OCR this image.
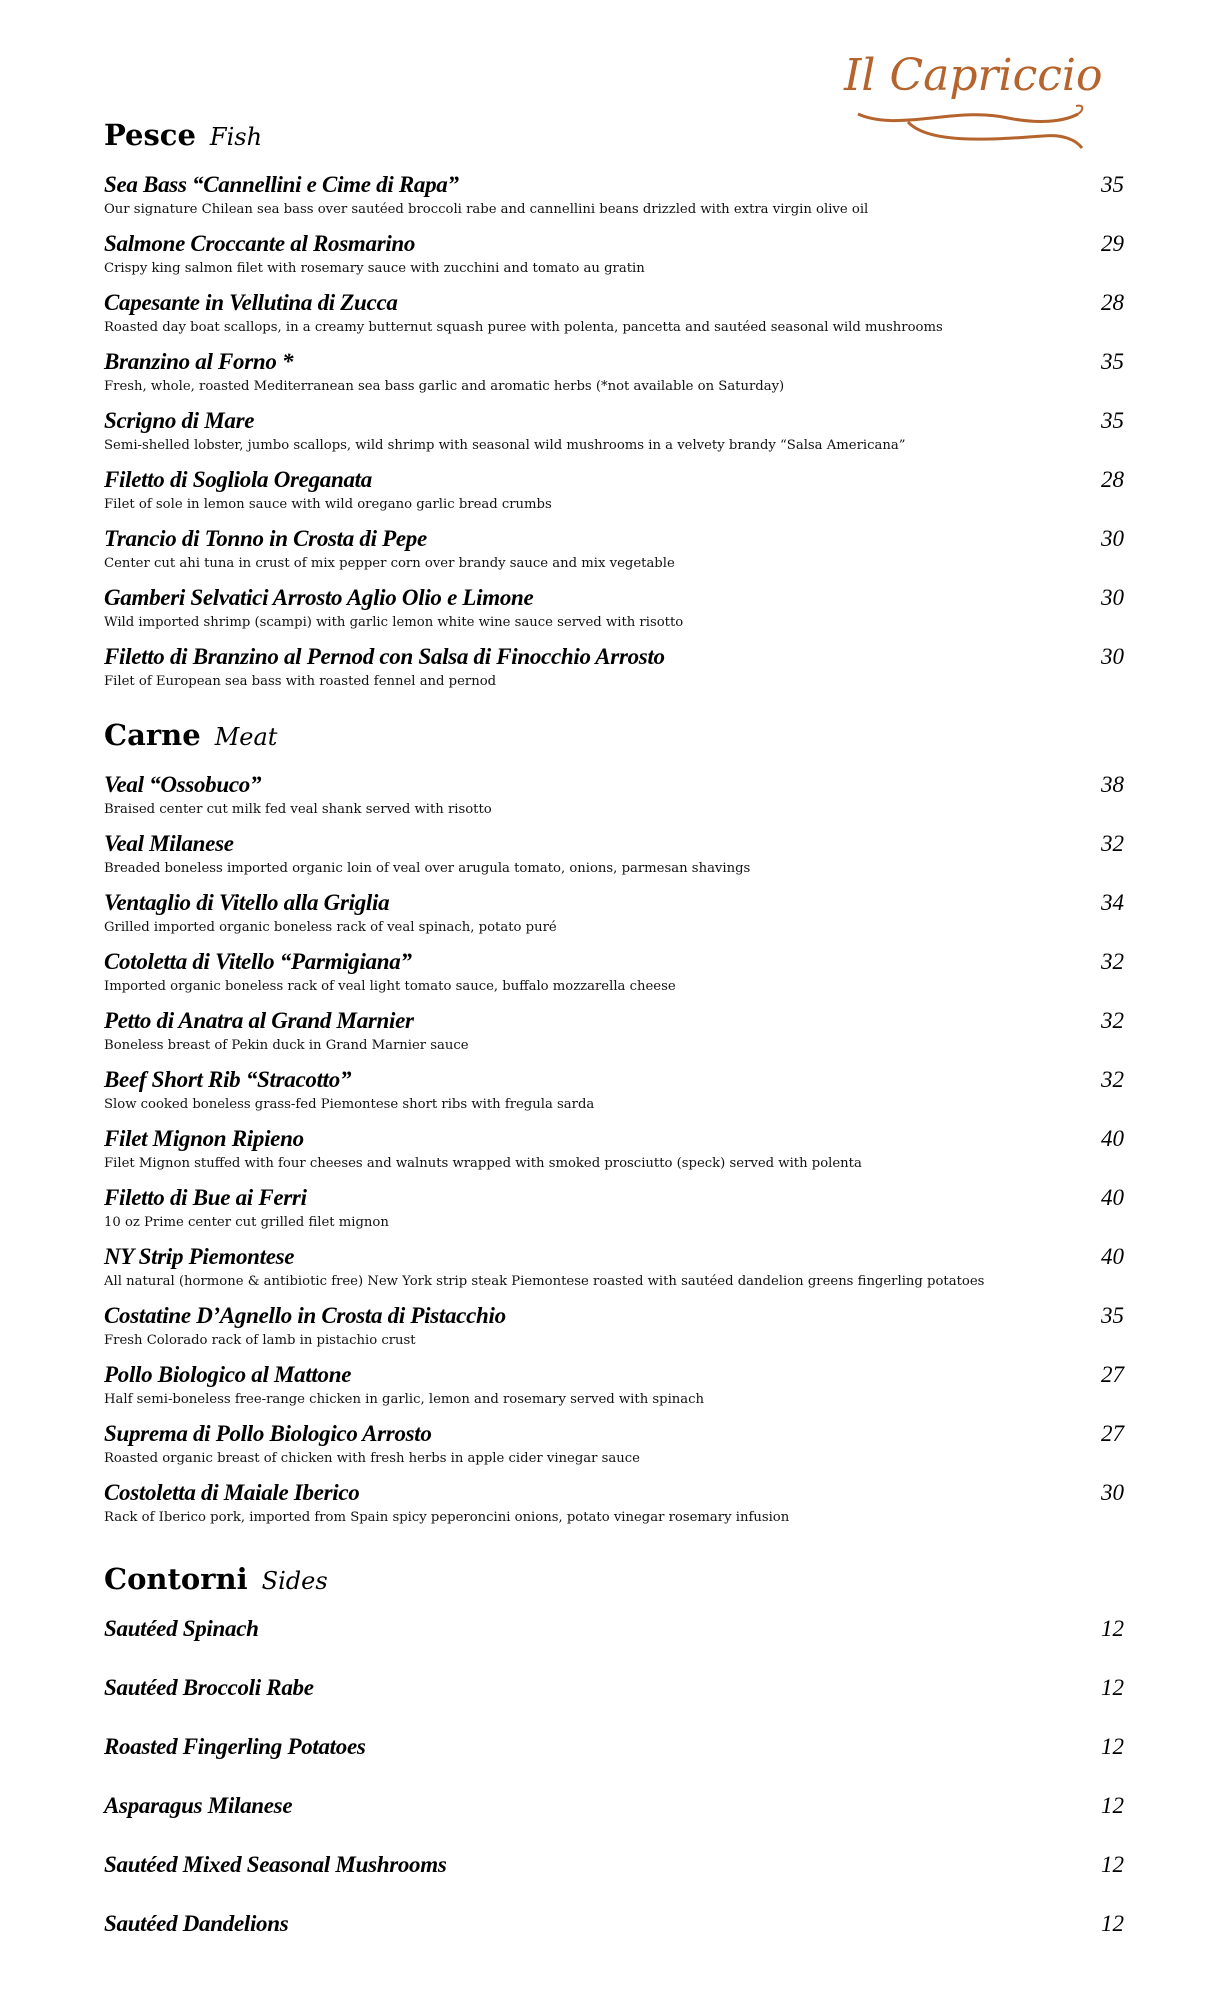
Il Capriccio
Pesce Fish
Sea Bass “Cannellini e Cime di Rapa”	35
Our signature Chilean sea bass over sautéed broccoli rabe and cannellini beans drizzled with extra virgin olive oil
Salmone Croccante al Rosmarino	29
Crispy king salmon filet with rosemary sauce with zucchini and tomato au gratin
Capesante in Vellutina di Zucca	28
Roasted day boat scallops, in a creamy butternut squash puree with polenta, pancetta and sautéed seasonal wild mushrooms
Branzino al Forno *	35
Fresh, whole, roasted Mediterranean sea bass garlic and aromatic herbs (*not available on Saturday)
Scrigno di Mare	35
Semi-shelled lobster, jumbo scallops, wild shrimp with seasonal wild mushrooms in a velvety brandy “Salsa Americana”
Filetto di Sogliola Oreganata	28
Filet of sole in lemon sauce with wild oregano garlic bread crumbs
Trancio di Tonno in Crosta di Pepe	30
Center cut ahi tuna in crust of mix pepper corn over brandy sauce and mix vegetable
Gamberi Selvatici Arrosto Aglio Olio e Limone	30
Wild imported shrimp (scampi) with garlic lemon white wine sauce served with risotto
Filetto di Branzino al Pernod con Salsa di Finocchio Arrosto	30
Filet of European sea bass with roasted fennel and pernod
Carne Meat
Veal “Ossobuco”	38
Braised center cut milk fed veal shank served with risotto
Veal Milanese	32
Breaded boneless imported organic loin of veal over arugula tomato, onions, parmesan shavings
Ventaglio di Vitello alla Griglia	34
Grilled imported organic boneless rack of veal spinach, potato puré
Cotoletta di Vitello “Parmigiana”	32
Imported organic boneless rack of veal light tomato sauce, buffalo mozzarella cheese
Petto di Anatra al Grand Marnier	32
Boneless breast of Pekin duck in Grand Marnier sauce
Beef Short Rib “Stracotto”	32
Slow cooked boneless grass-fed Piemontese short ribs with fregula sarda
Filet Mignon Ripieno	40
Filet Mignon stuffed with four cheeses and walnuts wrapped with smoked prosciutto (speck) served with polenta
Filetto di Bue ai Ferri	40
10 oz Prime center cut grilled filet mignon
NY Strip Piemontese	40
All natural (hormone & antibiotic free) New York strip steak Piemontese roasted with sautéed dandelion greens fingerling potatoes
Costatine D’Agnello in Crosta di Pistacchio	35
Fresh Colorado rack of lamb in pistachio crust
Pollo Biologico al Mattone	27
Half semi-boneless free-range chicken in garlic, lemon and rosemary served with spinach
Suprema di Pollo Biologico Arrosto	27
Roasted organic breast of chicken with fresh herbs in apple cider vinegar sauce
Costoletta di Maiale Iberico	30
Rack of Iberico pork, imported from Spain spicy peperoncini onions, potato vinegar rosemary infusion
Contorni Sides
Sautéed Spinach	12
Sautéed Broccoli Rabe	12
Roasted Fingerling Potatoes	12
Asparagus Milanese	12
Sautéed Mixed Seasonal Mushrooms	12
Sautéed Dandelions	12
